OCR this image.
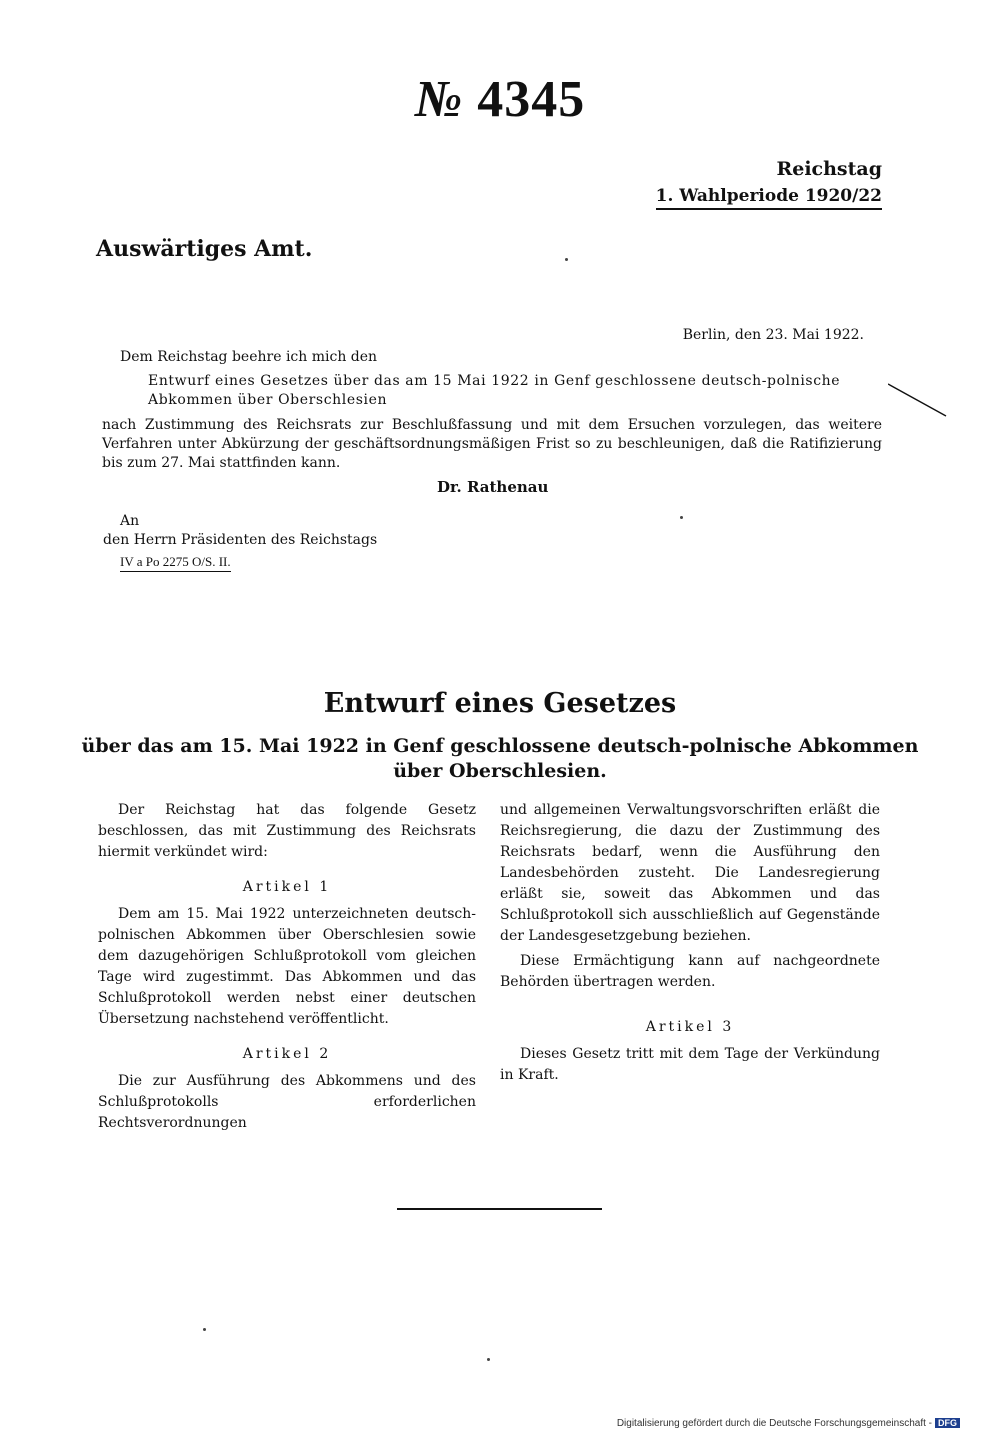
№ 4345
Reichstag
1. Wahlperiode 1920/22
Auswärtiges Amt.
Berlin, den 23. Mai 1922.
Dem Reichstag beehre ich mich den
Entwurf eines Gesetzes über das am 15 Mai 1922 in Genf geschlossene deutsch-polnische Abkommen über Oberschlesien
nach Zustimmung des Reichsrats zur Beschlußfassung und mit dem Ersuchen vorzulegen, das weitere Verfahren unter Abkürzung der geschäftsordnungsmäßigen Frist so zu beschleunigen, daß die Ratifizierung bis zum 27. Mai stattfinden kann.
Dr. Rathenau
An
den Herrn Präsidenten des Reichstags
IV a Po 2275 O/S. II.
Entwurf eines Gesetzes
über das am 15. Mai 1922 in Genf geschlossene deutsch-polnische Abkommen über Oberschlesien.

Der Reichstag hat das folgende Gesetz beschlossen, das mit Zustimmung des Reichsrats hiermit verkündet wird:

Artikel 1

Dem am 15. Mai 1922 unterzeichneten deutsch-polnischen Abkommen über Oberschlesien sowie dem dazugehörigen Schlußprotokoll vom gleichen Tage wird zugestimmt. Das Abkommen und das Schlußprotokoll werden nebst einer deutschen Übersetzung nachstehend veröffentlicht.

Artikel 2

Die zur Ausführung des Abkommens und des Schlußprotokolls erforderlichen Rechtsverordnungen

und allgemeinen Verwaltungsvorschriften erläßt die Reichsregierung, die dazu der Zustimmung des Reichsrats bedarf, wenn die Ausführung den Landesbehörden zusteht. Die Landesregierung erläßt sie, soweit das Abkommen und das Schlußprotokoll sich ausschließlich auf Gegenstände der Landesgesetzgebung beziehen.

Diese Ermächtigung kann auf nachgeordnete Behörden übertragen werden.

Artikel 3

Dieses Gesetz tritt mit dem Tage der Verkündung in Kraft.

Digitalisierung gefördert durch die Deutsche Forschungsgemeinschaft - DFG
